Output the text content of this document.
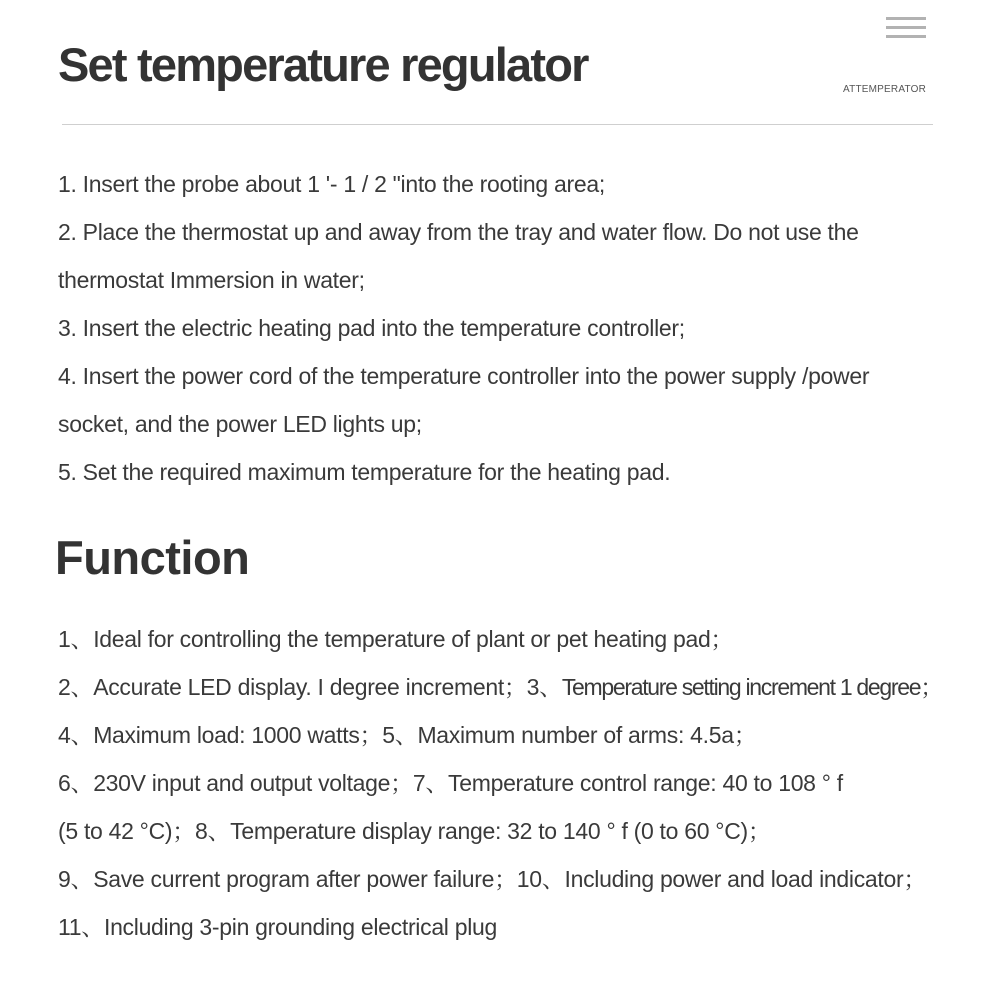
Set temperature regulator	ATTEMPERATOR

1. Insert the probe about 1 '- 1 / 2 "into the rooting area;

2. Place the thermostat up and away from the tray and water flow. Do not use the

thermostat Immersion in water;

3. Insert the electric heating pad into the temperature controller;

4. Insert the power cord of the temperature controller into the power supply /power

socket, and the power LED lights up;

5. Set the required maximum temperature for the heating pad.

Function

1、Ideal for controlling the temperature of plant or pet heating pad；

2、Accurate LED display. I degree increment；3、Temperature setting increment 1 degree；

4、Maximum load: 1000 watts；5、Maximum number of arms: 4.5a；

6、230V input and output voltage；7、Temperature control range: 40 to 108 ° f

(5 to 42 °C)；8、Temperature display range: 32 to 140 ° f (0 to 60 °C)；

9、Save current program after power failure；10、Including power and load indicator；

11、Including 3-pin grounding electrical plug
